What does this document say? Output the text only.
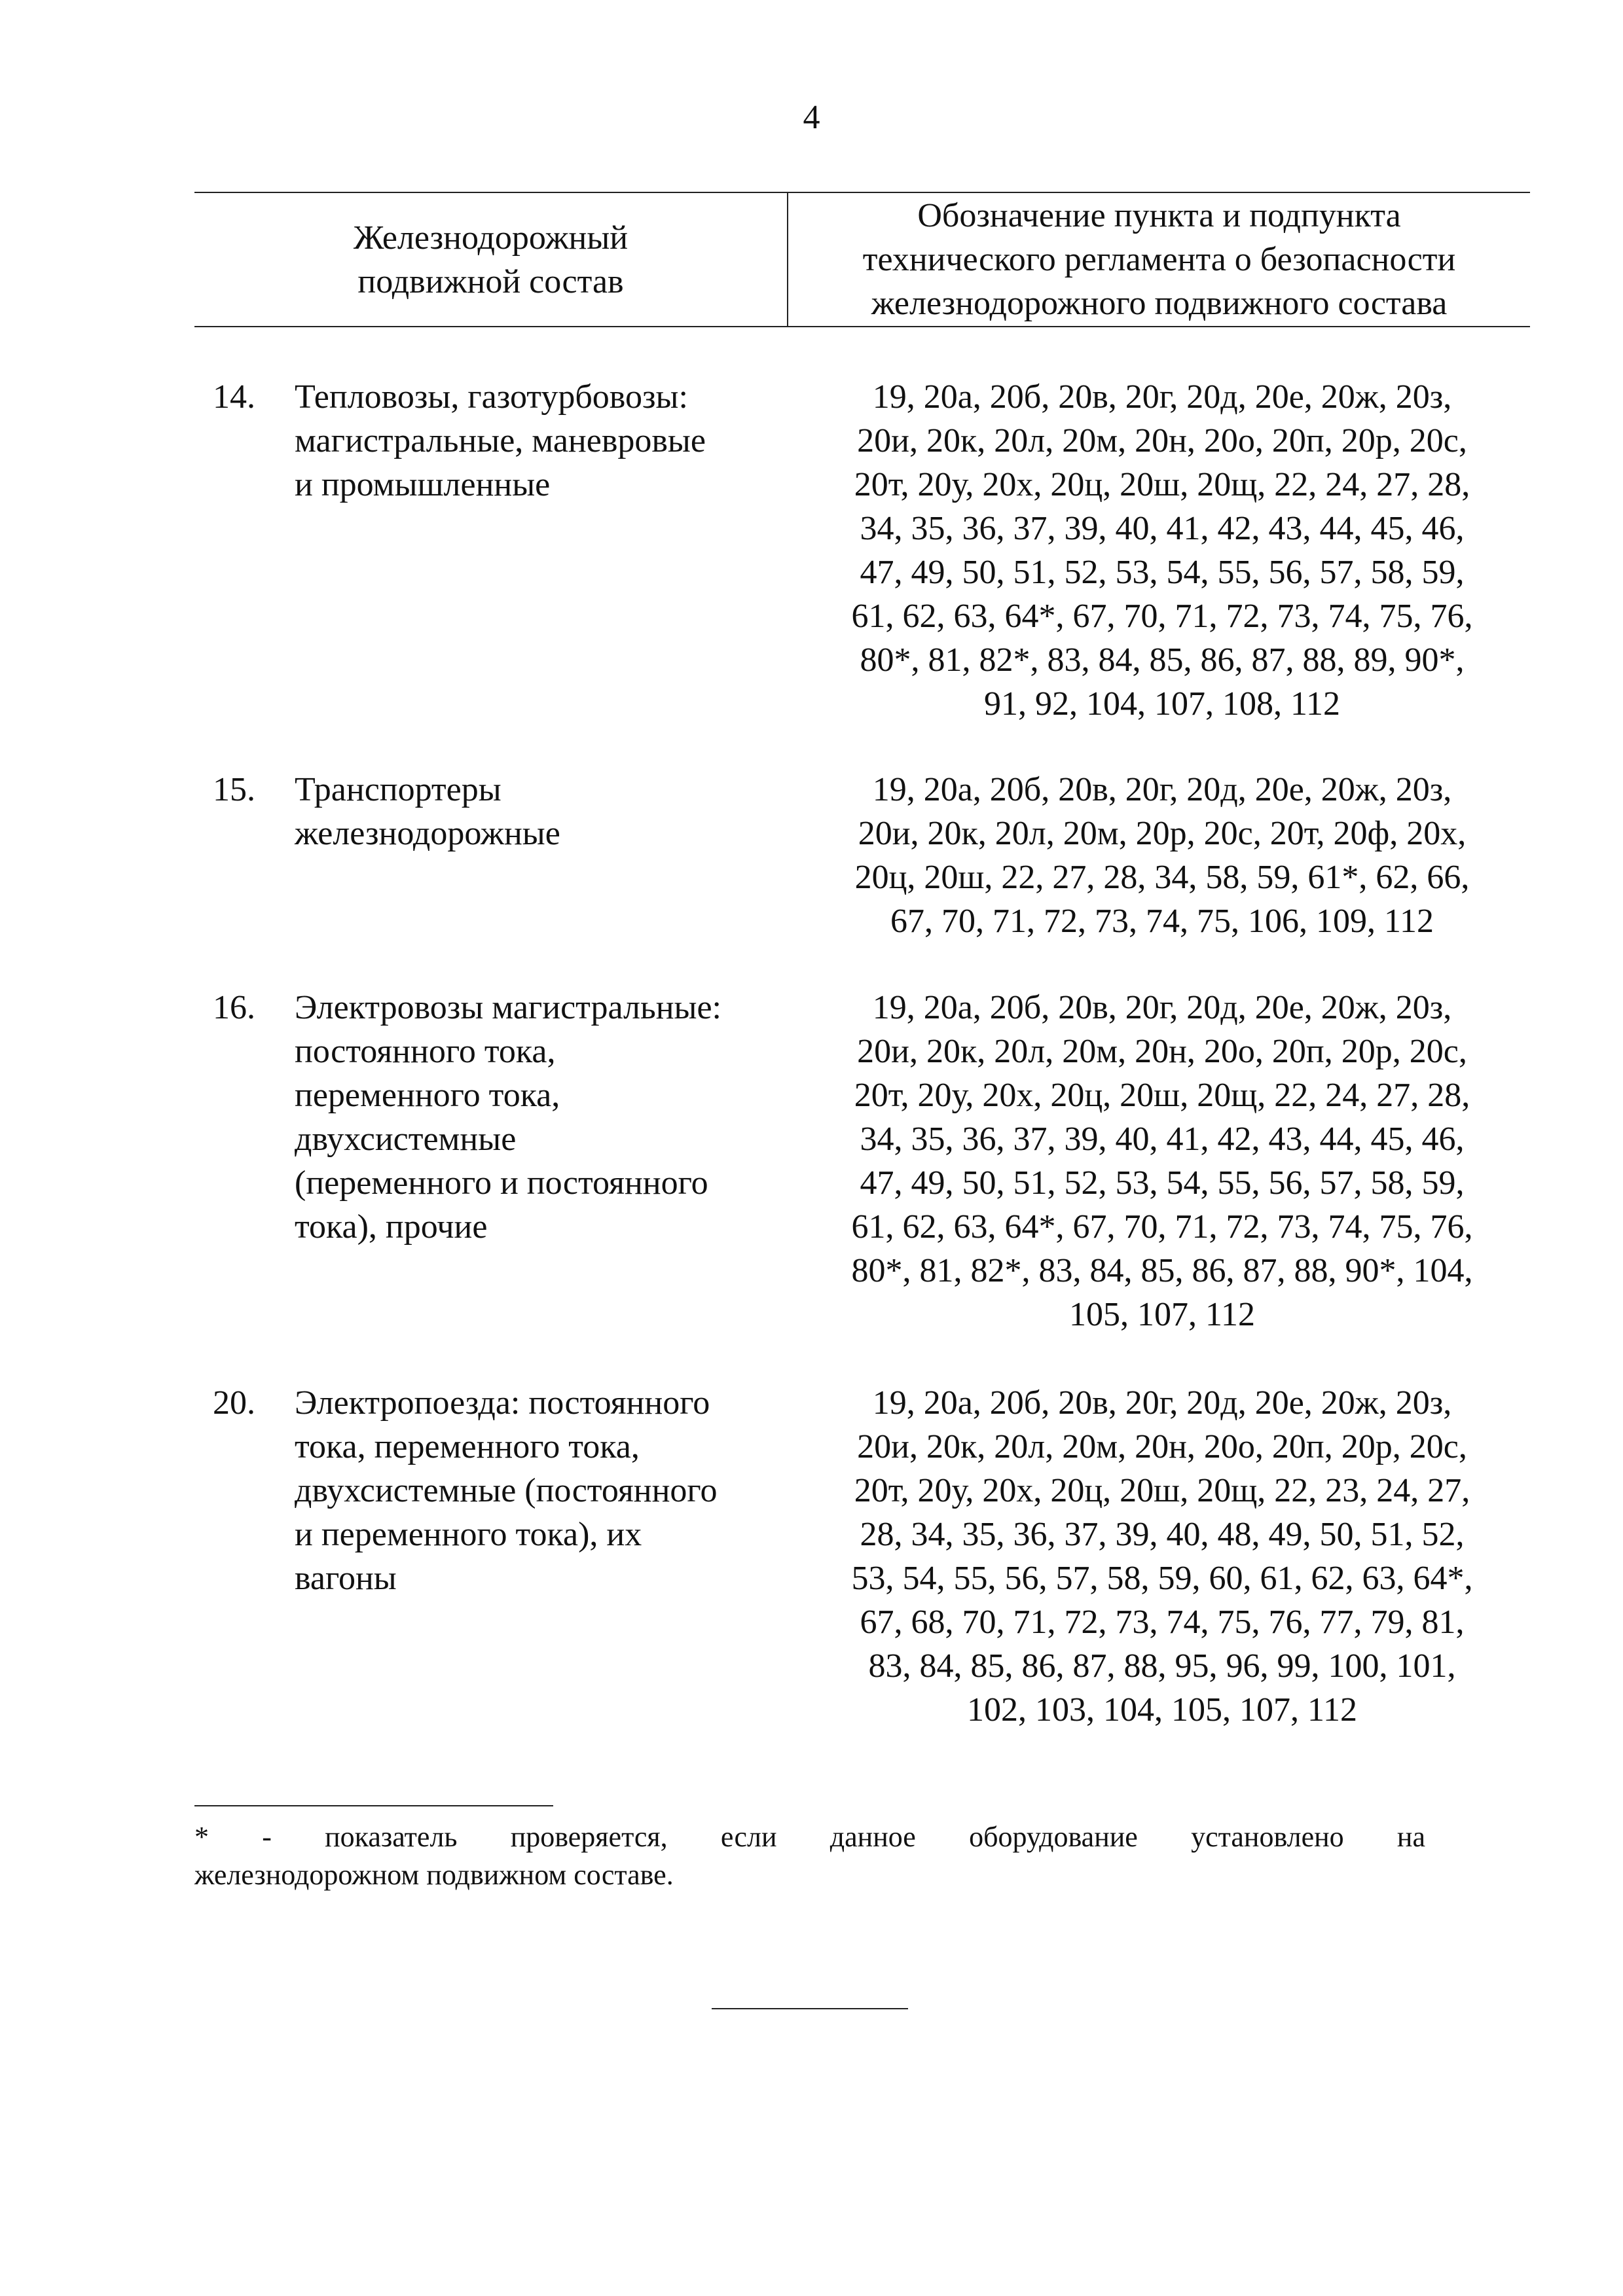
4
Железнодорожный
подвижной состав
Обозначение пункта и подпункта
технического регламента о безопасности
железнодорожного подвижного состава
14. Тепловозы, газотурбовозы:
магистральные, маневровые
и промышленные
19, 20а, 20б, 20в, 20г, 20д, 20е, 20ж, 20з,
20и, 20к, 20л, 20м, 20н, 20о, 20п, 20р, 20с,
20т, 20у, 20х, 20ц, 20ш, 20щ, 22, 24, 27, 28,
34, 35, 36, 37, 39, 40, 41, 42, 43, 44, 45, 46,
47, 49, 50, 51, 52, 53, 54, 55, 56, 57, 58, 59,
61, 62, 63, 64*, 67, 70, 71, 72, 73, 74, 75, 76,
80*, 81, 82*, 83, 84, 85, 86, 87, 88, 89, 90*,
91, 92, 104, 107, 108, 112
15. Транспортеры
железнодорожные
19, 20а, 20б, 20в, 20г, 20д, 20е, 20ж, 20з,
20и, 20к, 20л, 20м, 20р, 20с, 20т, 20ф, 20х,
20ц, 20ш, 22, 27, 28, 34, 58, 59, 61*, 62, 66,
67, 70, 71, 72, 73, 74, 75, 106, 109, 112
16. Электровозы магистральные:
постоянного тока,
переменного тока,
двухсистемные
(переменного и постоянного
тока), прочие
19, 20а, 20б, 20в, 20г, 20д, 20е, 20ж, 20з,
20и, 20к, 20л, 20м, 20н, 20о, 20п, 20р, 20с,
20т, 20у, 20х, 20ц, 20ш, 20щ, 22, 24, 27, 28,
34, 35, 36, 37, 39, 40, 41, 42, 43, 44, 45, 46,
47, 49, 50, 51, 52, 53, 54, 55, 56, 57, 58, 59,
61, 62, 63, 64*, 67, 70, 71, 72, 73, 74, 75, 76,
80*, 81, 82*, 83, 84, 85, 86, 87, 88, 90*, 104,
105, 107, 112
20. Электропоезда: постоянного
тока, переменного тока,
двухсистемные (постоянного
и переменного тока), их
вагоны
19, 20а, 20б, 20в, 20г, 20д, 20е, 20ж, 20з,
20и, 20к, 20л, 20м, 20н, 20о, 20п, 20р, 20с,
20т, 20у, 20х, 20ц, 20ш, 20щ, 22, 23, 24, 27,
28, 34, 35, 36, 37, 39, 40, 48, 49, 50, 51, 52,
53, 54, 55, 56, 57, 58, 59, 60, 61, 62, 63, 64*,
67, 68, 70, 71, 72, 73, 74, 75, 76, 77, 79, 81,
83, 84, 85, 86, 87, 88, 95, 96, 99, 100, 101,
102, 103, 104, 105, 107, 112
* - показатель проверяется, если данное оборудование установлено на
железнодорожном подвижном составе.
